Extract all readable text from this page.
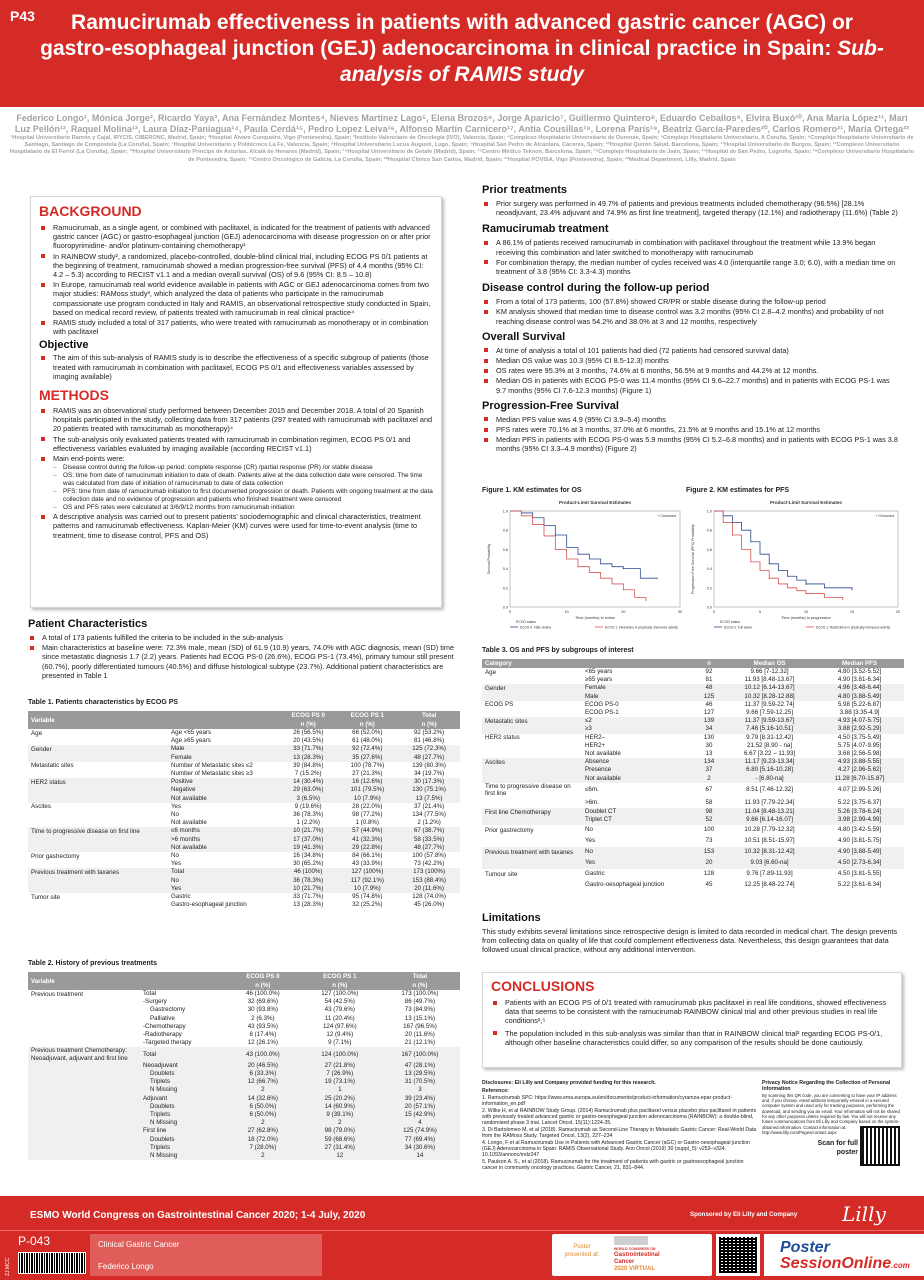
P43	Ramucirumab effectiveness in patients with advanced gastric cancer (AGC) or gastro-esophageal junction (GEJ) adenocarcinoma in clinical practice in Spain: Sub-analysis of RAMIS study
Federico Longo¹, Mónica Jorge², Ricardo Yaya³, Ana Fernández Montes⁴, Nieves Martínez Lago⁵, Elena Brozos⁶, Jorge Aparicio⁷, Guillermo Quintero⁸, Eduardo Ceballos⁹, Elvira Buxó¹⁰, Ana María López¹¹, Mari Luz Pellón¹², Raquel Molina¹³, Laura Díaz-Paniagua¹⁴, Paula Cerdá¹⁵, Pedro Lopez Leiva¹⁶, Alfonso Martín Carnicero¹⁷, Antia Cousillas¹⁸, Lorena París¹⁹, Beatriz García-Paredes²⁰, Carlos Romero²¹, María Ortega²²
¹Hospital Universitario Ramón y Cajal, IRYCIS, CIBERONC, Madrid, Spain; ²Hospital Álvaro Cunqueiro, Vigo (Pontevedra), Spain; ³Instituto Valenciano de Oncología (IVO), Valencia, Spain; ⁴Complexo Hospitalario Universitario de Ourense, Spain; ⁵Complejo Hospitalario Universitario, A Coruña, Spain; ⁶Complejo Hospitalario Universitario de Santiago, Santiago de Compostela (La Coruña), Spain; ⁷Hospital Universitario y Politécnico La Fe, Valencia, Spain; ⁸Hospital Universitario Lucus Augusti, Lugo, Spain; ⁹Hospital San Pedro de Alcántara, Cáceres, Spain; ¹⁰Hospital Quirón Salud, Barcelona, Spain; ¹¹Hospital Universitario de Burgos, Spain; ¹²Complexo Universitario Hospitalario de El Ferrol (La Coruña), Spain; ¹³Hospital Universitario Príncipe de Asturias, Alcalá de Henares (Madrid), Spain; ¹⁴Hospital Universitario de Getafe (Madrid), Spain; ¹⁵Centro Médico Teknon, Barcelona, Spain; ¹⁶Complejo Hospitalario de Jaén, Spain; ¹⁷Hospital de San Pedro, Logroño, Spain; ¹⁸Complexo Universitario Hospitalario de Pontevedra, Spain; ¹⁹Centro Oncológico de Galicia, La Coruña, Spain; ²⁰Hospital Clínico San Carlos, Madrid, Spain; ²¹Hospital POVISA, Vigo (Pontevedra), Spain; ²²Medical Department, Lilly, Madrid, Spain
BACKGROUND
Ramucirumab, as a single agent, or combined with paclitaxel, is indicated for the treatment of patients with advanced gastric cancer (AGC) or gastro-esophageal junction (GEJ) adenocarcinoma with disease progression on or after prior fluoropyrimidine- and/or platinum-containing chemotherapy¹
In RAINBOW study², a randomized, placebo-controlled, double-blind clinical trial, including ECOG PS 0/1 patients at the beginning of treatment, ramucirumab showed a median progression-free survival (PFS) of 4.4 months (95% CI: 4.2 – 5.3) according to RECIST v1.1 and a median overall survival (OS) of 9.6 (95% CI: 8.5 – 10.8)
In Europe, ramucirumab real world evidence available in patients with AGC or GEJ adenocarcinoma comes from two major studies: RAMoss study³, which analyzed the data of patients who participate in the ramucirumab compassionate use program conducted in Italy and RAMIS, an observational retrospective study conducted in Spain, based on medical record review, of patients treated with ramucirumab in real clinical practice⁴
RAMIS study included a total of 317 patients, who were treated with ramucirumab as monotherapy or in combination with paclitaxel
Objective
The aim of this sub-analysis of RAMIS study is to describe the effectiveness of a specific subgroup of patients (those treated with ramucirumab in combination with paclitaxel, ECOG PS 0/1 and effectiveness variables assessed by imaging available)
METHODS
RAMIS was an observational study performed between December 2015 and December 2018. A total of 20 Spanish hospitals participated in the study, collecting data from 317 patients (297 treated with ramucirumab with paclitaxel and 20 patients treated with ramucirumab as monotherapy)⁴
The sub-analysis only evaluated patients treated with ramucirumab in combination regimen, ECOG PS 0/1 and effectiveness variables evaluated by imaging available (according RECIST v1.1)
Main end-points were:
– Disease control during the follow-up period: complete response (CR) /partial response (PR) /or stable disease
– OS: time from date of ramucirumab initiation to date of death. Patients alive at the data collection date were censored. The time was calculated from date of initiation of ramucirumab to date of data collection
– PFS: time from date of ramucirumab initiation to first documented progression or death. Patients with ongoing treatment at the data collection date and no evidence of progression and patients who finished treatment were censored
– OS and PFS rates were calculated at 3/6/9/12 months from ramucirumab initiation
A descriptive analysis was carried out to present patients' sociodemographic and clinical characteristics, treatment patterns and ramucirumab effectiveness. Kaplan-Meier (KM) curves were used for time-to-event analysis (time to treatment, time to disease control, PFS and OS)
Patient Characteristics
A total of 173 patients fulfilled the criteria to be included in the sub-analysis
Main characteristics at baseline were: 72.3% male, mean (SD) of 61.9 (10.9) years, 74.0% with AGC diagnosis, mean (SD) time since metastatic diagnosis 1.7 (2.2) years. Patients had ECOG PS-0 (26.6%), ECOG PS-1 (73.4%), primary tumour still present (60.7%), poorly differentiated tumours (40.5%) and diffuse histological subtype (23.7%). Additional patient characteristics are presented in Table 1
Table 1. Patients characteristics by ECOG PS
Variable		ECOG PS 0	ECOG PS 1	Total
		n (%)	n (%)	n (%)
Age	Age <65 years	26 (56.5%)	66 (52.0%)	92 (53.2%)
	Age ≥65 years	20 (43.5%)	61 (48.0%)	81 (46.8%)
Gender	Male	33 (71.7%)	92 (72.4%)	125 (72.3%)
	Female	13 (28.3%)	35 (27.6%)	48 (27.7%)
Metastatic sites	Number of Metastatic sites ≤2	39 (84.8%)	100 (78.7%)	139 (80.3%)
	Number of Metastatic sites ≥3	7 (15.2%)	27 (21.3%)	34 (19.7%)
HER2 status	Positive	14 (30.4%)	16 (12.6%)	30 (17.3%)
	Negative	29 (63.0%)	101 (79.5%)	130 (75.1%)
	Not available	3 (6.5%)	10 (7.9%)	13 (7.5%)
Ascites	Yes	9 (19.6%)	28 (22.0%)	37 (21.4%)
	No	36 (78.3%)	98 (77.2%)	134 (77.5%)
	Not available	1 (2.2%)	1 (0.8%)	2 (1.2%)
Time to progressive disease on first line	≤6 months	10 (21.7%)	57 (44.9%)	67 (38.7%)
	>6 months	17 (37.0%)	41 (32.3%)	58 (33.5%)
	Not available	19 (41.3%)	29 (22.8%)	48 (27.7%)
Prior gastrectomy	No	16 (34.8%)	84 (66.1%)	100 (57.8%)
	Yes	30 (65.2%)	43 (33.9%)	73 (42.2%)
Previous treatment with taxanes	Total	46 (100%)	127 (100%)	173 (100%)
	No	36 (78.3%)	117 (92.1%)	153 (88.4%)
	Yes	10 (21.7%)	10 (7.9%)	20 (11.6%)
Tumor site	Gastric	33 (71.7%)	95 (74.8%)	128 (74.0%)
	Gastro-esophageal junction	13 (28.3%)	32 (25.2%)	45 (26.0%)
Table 2. History of previous treatments
Variable		ECOG PS 0	ECOG PS 1	Total
		n (%)	n (%)	n (%)
Previous treatment	Total	46 (100.0%)	127 (100.0%)	173 (100.0%)
	-Surgery	32 (69.6%)	54 (42.5%)	86 (49.7%)
	Gastrectomy	30 (93.8%)	43 (79.6%)	73 (84.9%)
	Palliative	2 (6.3%)	11 (20.4%)	13 (15.1%)
	-Chemotherapy	43 (93.5%)	124 (97.6%)	167 (96.5%)
	-Radiotherapy	8 (17.4%)	12 (9.4%)	20 (11.6%)
	-Targeted therapy	12 (26.1%)	9 (7.1%)	21 (12.1%)
Previous treatment Chemotherapy: Neoadjuvant, adjuvant and first line	Total	43 (100.0%)	124 (100.0%)	167 (100.0%)
	Neoadjuvant	20 (46.5%)	27 (21.8%)	47 (28.1%)
	Doublets	6 (33.3%)	7 (26.9%)	13 (29.5%)
	Triplets	12 (66.7%)	19 (73.1%)	31 (70.5%)
	N Missing	2	1	3
	Adjuvant	14 (32.6%)	25 (20.2%)	39 (23.4%)
	Doublets	6 (50.0%)	14 (60.9%)	20 (57.1%)
	Triplets	6 (50.0%)	9 (39.1%)	15 (42.9%)
	N Missing	2	2	4
	First line	27 (62.8%)	98 (79.0%)	125 (74.9%)
	Doublets	18 (72.0%)	59 (68.6%)	77 (69.4%)
	Triplets	7 (28.0%)	27 (31.4%)	34 (30.6%)
	N Missing	2	12	14
Prior treatments
Prior surgery was performed in 49.7% of patients and previous treatments included chemotherapy (96.5%) [28.1% neoadjuvant, 23.4% adjuvant and 74.9% as first line treatment], targeted therapy (12.1%) and radiotherapy (11.6%) (Table 2)
Ramucirumab treatment
A 86.1% of patients received ramucirumab in combination with paclitaxel throughout the treatment while 13.9% began receiving this combination and later switched to monotherapy with ramucirumab
For combination therapy, the median number of cycles received was 4.0 (interquartile range 3.0; 6.0), with a median time on treatment of 3.8 (95% CI: 3.3-4.3) months
Disease control during the follow-up period
From a total of 173 patients, 100 (57.8%) showed CR/PR or stable disease during the follow-up period
KM analysis showed that median time to disease control was 3.2 months (95% CI 2.8–4.2 months) and probability of not reaching disease control was 54.2% and 38.0% at 3 and 12 months, respectively
Overall Survival
At time of analysis a total of 101 patients had died (72 patients had censored survival data)
Median OS value was 10.3 (95% CI 8.5-12.3) months
OS rates were 95.3% at 3 months, 74.6% at 6 months, 56.5% at 9 months and 44.2% at 12 months.
Median OS in patients with ECOG PS-0 was 11.4 months (95% CI 9.6–22.7 months) and in patients with ECOG PS-1 was 9.7 months (95% CI 7.6-12.3 months) (Figure 1)
Progression-Free Survival
Median PFS value was 4.9 (95% CI 3.9–5.4) months
PFS rates were 70.1% at 3 months, 37.0% at 6 months, 21.5% at 9 months and 15.1% at 12 months
Median PFS in patients with ECOG PS-0 was 5.9 months (95% CI 5.2–6.8 months) and in patients with ECOG PS-1 was 3.8 months (95% CI 3.3–4.9 months) (Figure 2)
Figure 1. KM estimates for OS
Product-Limit Survival Estimates
0.0
0.2
0.4
0.6
0.8
1.0
0	10	20	30
Survival Probability
Time (months) to exitus
+ Censored
+
+
+
+
+
+
+
+
+
+
+
+
ECOG status
ECOG 0: Fatto sullina	ECOG 1: Fiedotrano in physically chemured activity
Figure 2. KM estimates for PFS
Product-Limit Survival Estimates
0.0
0.2
0.4
0.6
0.8
1.0
0	5	10	15	20
Progression-Free Survival (PFS) Probability
Time (months) to progression
+ Censored
+
+
+
+
+
+
+
+
+
+
+
+
ECOG status
ECOG 0: Full active	ECOG 1: Restrictions in physically strenuous activity
Table 3. OS and PFS by subgroups of interest
Category		n	Median OS	Median PFS
Age	<65 years	92	9.66 [7-12.32]	4.80 [3.52-5.52]
	≥65 years	81	11.93 [8.48-13.67]	4.90 [3.81-6.34]
Gender	Female	48	10.12 [6.14-13.67]	4.96 [3.48-6.44]
	Male	125	10.32 [8.28-12.88]	4.80 [3.88-5.49]
ECOG PS	ECOG PS-0	46	11.37 [9.59-22.74]	5.98 [5.22-6.87]
	ECOG PS-1	127	9.66 [7.59-12.25]	3.88 [3.35-4.9]
Metastatic sites	≤2	139	11.37 [9.59-13.67]	4.93 [4.07-5.75]
	≥3	34	7.46 [5.16-10.51]	3.88 [2.92-5.29]
HER2 status	HER2–	130	9.79 [8.31-12.42]	4.50 [3.75-5.49]
	HER2+	30	21.52 [8.90 - na]	5.75 [4.07-9.95]
	Not available	13	6.67 [3.22 – 11.93]	3.68 [2.56-5.98]
Ascites	Absence	134	11.17 [9.23-13.34]	4.93 [3.88-5.55]
	Presence	37	6.80 [5.16-10.28]	4.27 [2.96-5.62]
	Not available	2	- [6.80-na]	11.28 [6.70-15.87]
Time to progressive disease on first line	≤6m.	67	8.51 [7.46-12.32]	4.07 [2.99-5.26]
	>6m.	58	11.93 [7.79-22.34]	5.22 [3.75-6.37]
First line Chemotherapy	Doublet CT	98	11.04 [8.48-13.21]	5.26 [3.78-6.24]
	Triplet CT	52	9.66 [6.14-16.07]	3.98 [2.99-4.99]
Prior gastrectomy	No	100	10.28 [7.79-12.32]	4.80 [3.42-5.59]
	Yes	73	10.51 [8.51-15.97]	4.90 [3.81-5.75]
Previous treatment with taxanes	No	153	10.32 [8.31-12.42]	4.90 [3.88-5.49]
	Yes	20	9.03 [6.60-na]	4.50 [2.73-6.34]
Tumour site	Gastric	128	9.76 [7.89-11.93]	4.50 [3.81-5.55]
	Gastro-oesophageal junction	45	12.25 [8.48-22.74]	5.22 [3.61-6.34]
Limitations
This study exhibits several limitations since retrospective design is limited to data recorded in medical chart. The design prevents from collecting data on quality of life that could complement effectiveness data. Nevertheless, this design guarantees that data followed usual clinical practice, without any additional intervention.
CONCLUSIONS
Patients with an ECOG PS of 0/1 treated with ramucirumab plus paclitaxel in real life conditions, showed effectiveness data that seems to be consistent with the ramucirumab RAINBOW clinical trial and other previous studies in real life conditions²,⁵
The population included in this sub-analysis was similar than that in RAINBOW clinical trial² regarding ECOG PS-0/1, although other baseline characteristics could differ, so any comparison of the results should be done cautiously.
Disclosures: Eli Lilly and Company provided funding for this research.
Reference:
1. Ramucirumab SPC: https://www.ema.europa.eu/en/documents/product-information/cyramza-epar-product-information_en.pdf
2. Wilke H, et al RAINBOW Study Group. (2014) Ramucirumab plus paclitaxel versus placebo plus paclitaxel in patients with previously treated advanced gastric or gastro-oesophageal junction adenocarcinoma (RAINBOW): a double-blind, randomised phase 3 trial. Lancet Oncol, 15(11):1224-35.
3. Di Bartolomeo M, et al (2018). Ramucirumab as Second-Line Therapy in Metastatic Gastric Cancer: Real-World Data from the RAMoss Study. Targeted Oncol, 13(2), 227–234
4. Longo, F et al Ramucirumab Use in Patients with Advanced Gastric Cancer (aGC) or Gastro-oesophageal junction (GEJ) Adenocarcinoma in Spain: RAMIS Observational Study. Ann Oncol (2019) 30 (suppl_5): v253–v324. 10.1093/annonc/mdz247
5. Paulson A. S., et al (2018). Ramucirumab for the treatment of patients with gastric or gastroesophageal junction cancer in community oncology practices. Gastric Cancer, 21, 831–844.
Privacy Notice Regarding the Collection of Personal Information
By scanning this QR code, you are consenting to have your IP address and, if you choose, email address temporarily entered in a secured computer system and used only for tracking purposes, performing the download, and sending you an email. Your information will not be shared for any other purposes unless required by law. You will not receive any future communications from Eli Lilly and Company based on the system-obtained information. Contact information at: http://www.lilly.com/Pages/contact.aspx
Scan for full poster
ESMO World Congress on Gastrointestinal Cancer 2020; 1-4 July, 2020	Sponsored by Eli Lilly and Company Lilly
ZJ.MCC
P-043	Clinical Gastric Cancer
Federico Longo
Poster presented at:
WORLD CONGRESS ON
Gastrointestinal
Cancer
2020 VIRTUAL
Poster
SessionOnline.com
